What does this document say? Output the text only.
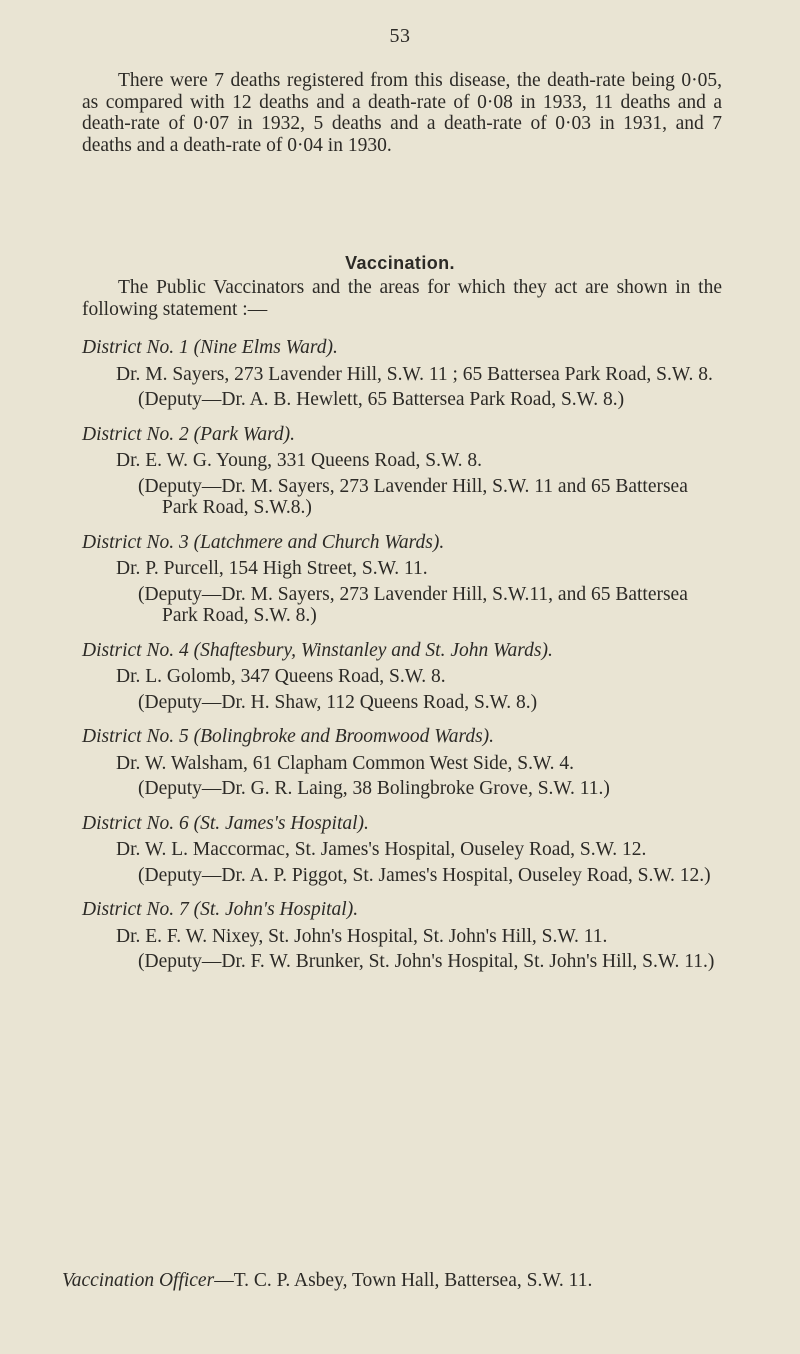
53

There were 7 deaths registered from this disease, the death-rate being 0·05, as compared with 12 deaths and a death-rate of 0·08 in 1933, 11 deaths and a death-rate of 0·07 in 1932, 5 deaths and a death-rate of 0·03 in 1931, and 7 deaths and a death-rate of 0·04 in 1930.

Vaccination.

The Public Vaccinators and the areas for which they act are shown in the following statement :—

District No. 1 (Nine Elms Ward).
Dr. M. Sayers, 273 Lavender Hill, S.W. 11 ; 65 Battersea Park Road, S.W. 8.
(Deputy—Dr. A. B. Hewlett, 65 Battersea Park Road, S.W. 8.)
District No. 2 (Park Ward).
Dr. E. W. G. Young, 331 Queens Road, S.W. 8.
(Deputy—Dr. M. Sayers, 273 Lavender Hill, S.W. 11 and 65 Battersea Park Road, S.W.8.)
District No. 3 (Latchmere and Church Wards).
Dr. P. Purcell, 154 High Street, S.W. 11.
(Deputy—Dr. M. Sayers, 273 Lavender Hill, S.W.11, and 65 Battersea Park Road, S.W. 8.)
District No. 4 (Shaftesbury, Winstanley and St. John Wards).
Dr. L. Golomb, 347 Queens Road, S.W. 8.
(Deputy—Dr. H. Shaw, 112 Queens Road, S.W. 8.)
District No. 5 (Bolingbroke and Broomwood Wards).
Dr. W. Walsham, 61 Clapham Common West Side, S.W. 4.
(Deputy—Dr. G. R. Laing, 38 Bolingbroke Grove, S.W. 11.)
District No. 6 (St. James's Hospital).
Dr. W. L. Maccormac, St. James's Hospital, Ouseley Road, S.W. 12.
(Deputy—Dr. A. P. Piggot, St. James's Hospital, Ouseley Road, S.W. 12.)
District No. 7 (St. John's Hospital).
Dr. E. F. W. Nixey, St. John's Hospital, St. John's Hill, S.W. 11.
(Deputy—Dr. F. W. Brunker, St. John's Hospital, St. John's Hill, S.W. 11.)
Vaccination Officer—T. C. P. Asbey, Town Hall, Battersea, S.W. 11.
